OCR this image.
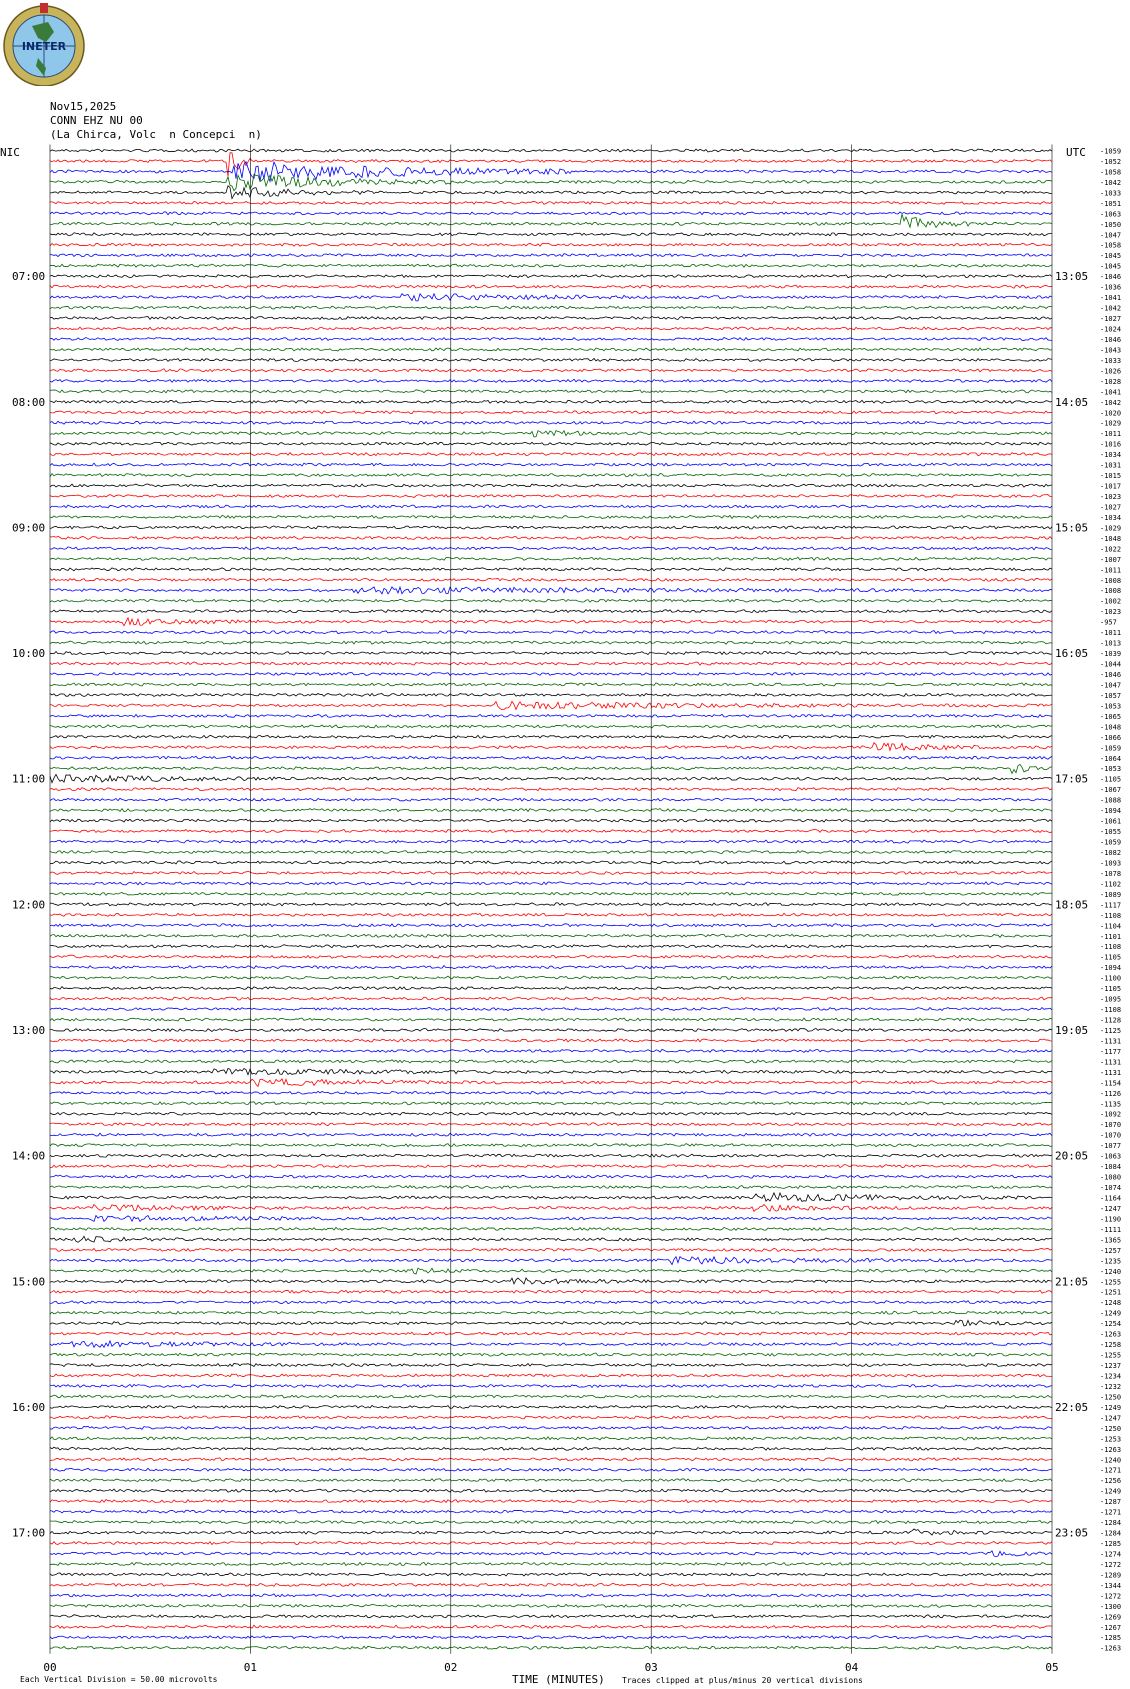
07:00
08:00
09:00
10:00
11:00
12:00
13:00
14:00
15:00
16:00
17:00
13:05
14:05
15:05
16:05
17:05
18:05
19:05
20:05
21:05
22:05
23:05
-1059
-1052
-1058
-1042
-1033
-1051
-1063
-1050
-1047
-1058
-1045
-1045
-1046
-1036
-1041
-1042
-1027
-1024
-1046
-1043
-1033
-1026
-1028
-1041
-1042
-1020
-1029
-1011
-1016
-1034
-1031
-1015
-1017
-1023
-1027
-1034
-1029
-1048
-1022
-1007
-1011
-1008
-1008
-1002
-1023
-957
-1011
-1013
-1039
-1044
-1046
-1047
-1057
-1053
-1065
-1048
-1066
-1059
-1064
-1053
-1105
-1067
-1088
-1094
-1061
-1055
-1059
-1082
-1093
-1078
-1102
-1089
-1117
-1108
-1104
-1101
-1108
-1105
-1094
-1100
-1105
-1095
-1108
-1128
-1125
-1131
-1177
-1131
-1131
-1154
-1126
-1135
-1092
-1070
-1070
-1077
-1063
-1084
-1080
-1074
-1164
-1247
-1190
-1111
-1365
-1257
-1235
-1240
-1255
-1251
-1248
-1249
-1254
-1263
-1258
-1255
-1237
-1234
-1232
-1250
-1249
-1247
-1250
-1253
-1263
-1240
-1271
-1256
-1249
-1287
-1271
-1284
-1284
-1285
-1274
-1272
-1289
-1344
-1272
-1300
-1269
-1267
-1285
-1263
00	01	02	03	04	05
NIC	UTC
TIME (MINUTES)
Each Vertical Division = 50.00 microvolts	Traces clipped at plus/minus 20 vertical divisions
INETER
Nov15,2025
CONN EHZ NU 00
(La Chirca, Volc  n Concepci  n)
